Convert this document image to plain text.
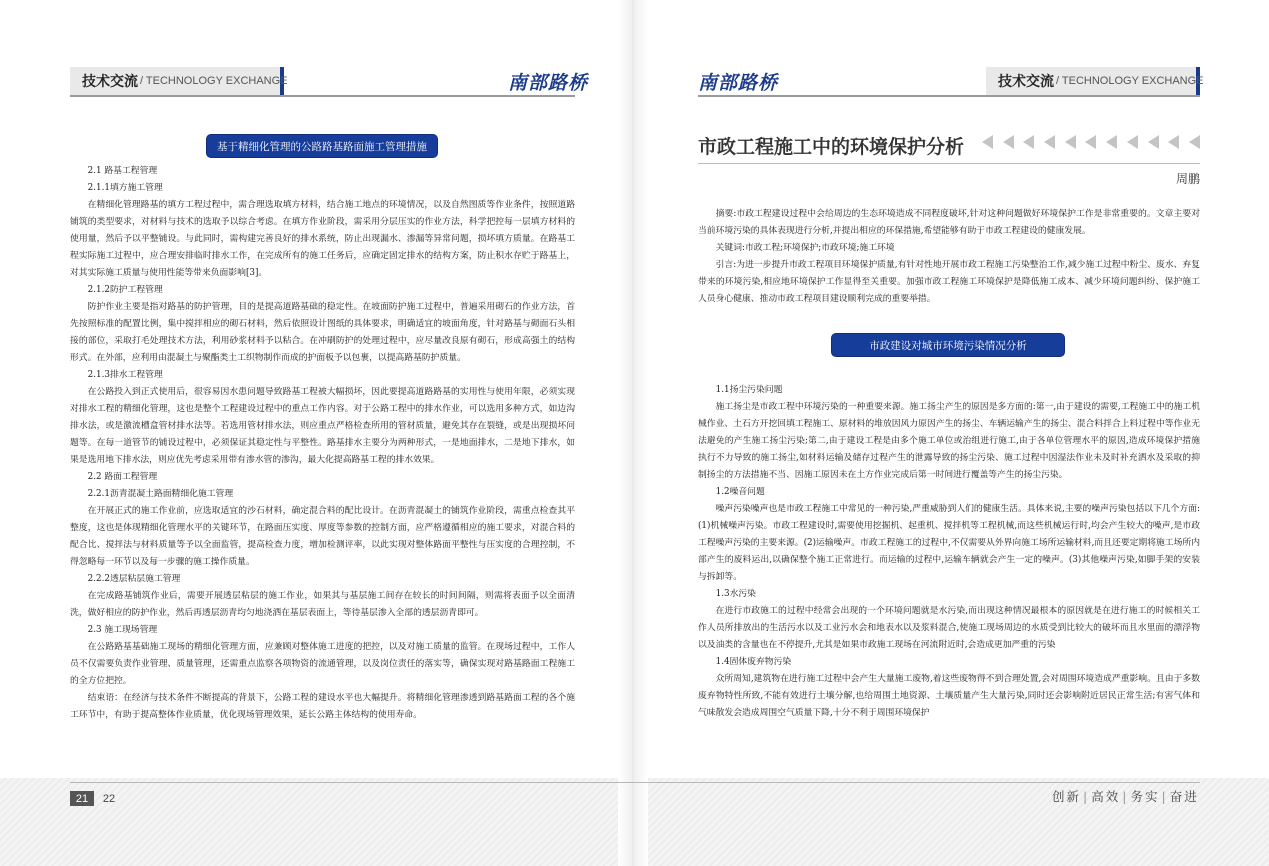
技术交流 / TECHNOLOGY EXCHANGE	南部路桥
基于精细化管理的公路路基路面施工管理措施

2.1 路基工程管理

2.1.1填方施工管理

在精细化管理路基的填方工程过程中，需合理选取填方材料，结合施工地点的环境情况，以及自然图质等作业条件，按照道路铺筑的类型要求，对材料与技术的选取予以综合考虑。在填方作业阶段，需采用分层压实的作业方法，科学把控每一层填方材料的使用量，然后予以平整铺设。与此同时，需构建完善良好的排水系统，防止出现漏水、渗漏等异常问题，损坏填方质量。在路基工程实际施工过程中，应合理安排临时排水工作，在完成所有的施工任务后，应确定固定排水的结构方案，防止积水存贮于路基上，对其实际施工质量与使用性能等带来负面影响[3]。

2.1.2防护工程管理

防护作业主要是指对路基的防护管理，目的是提高道路基础的稳定性。在坡面防护施工过程中，普遍采用砌石的作业方法，首先按照标准的配置比例，集中搅拌相应的砌石材料，然后依照设计图纸的具体要求，明确适宜的坡面角度，针对路基与砌面石头相接的部位，采取打毛处理技术方法，利用砂浆材料予以粘合。在冲刷防护的处理过程中，应尽量改良原有砌石，形成高强土的结构形式。在外部，应利用由混凝土与聚酯类土工织物制作而成的护面板予以包裹，以提高路基防护质量。

2.1.3排水工程管理

在公路投入到正式使用后，很容易因水患问题导致路基工程被大幅损坏，因此要提高道路路基的实用性与使用年限，必须实现对排水工程的精细化管理，这也是整个工程建设过程中的重点工作内容。对于公路工程中的排水作业，可以选用多种方式，如边沟排水法，或是激流槽盒管材排水法等。若选用管材排水法，则应重点严格检查所用的管材质量，避免其存在裂缝，或是出现损坏问题等。在每一道管节的铺设过程中，必须保证其稳定性与平整性。路基排水主要分为两种形式，一是地面排水，二是地下排水，如果是选用地下排水法，则应优先考虑采用带有渗水管的渗沟，最大化提高路基工程的排水效果。

2.2 路面工程管理

2.2.1沥青混凝土路面精细化施工管理

在开展正式的施工作业前，应选取适宜的沙石材料，确定混合料的配比设计。在沥青混凝土的铺筑作业阶段，需重点检查其平整度，这也是体现精细化管理水平的关键环节，在路面压实度、厚度等参数的控制方面，应严格遵循相应的施工要求，对混合料的配合比、搅拌法与材料质量等予以全面监管，提高检查力度，增加检测评率，以此实现对整体路面平整性与压实度的合理控制，不得忽略每一环节以及每一步骤的施工操作质量。

2.2.2透层粘层施工管理

在完成路基铺筑作业后，需要开展透层粘层的施工作业，如果其与基层施工间存在较长的时间间隔，则需将表面予以全面清洗，做好相应的防护作业，然后再透层沥青均匀地浇洒在基层表面上，等待基层渗入全部的透层沥青即可。

2.3 施工现场管理

在公路路基基础施工现场的精细化管理方面，应兼顾对整体施工进度的把控，以及对施工质量的监管。在现场过程中，工作人员不仅需要负责作业管理、质量管理，还需重点监察各项物资的流通管理，以及岗位责任的落实等，确保实现对路基路面工程施工的全方位把控。

结束语：在经济与技术条件不断提高的背景下，公路工程的建设水平也大幅提升。将精细化管理渗透到路基路面工程的各个施工环节中，有助于提高整体作业质量，优化现场管理效果，延长公路主体结构的使用寿命。

南部路桥	技术交流 / TECHNOLOGY EXCHANGE
市政工程施工中的环境保护分析
周鹏

摘要:市政工程建设过程中会给周边的生态环境造成不同程度破坏,针对这种问题做好环境保护工作是非常重要的。文章主要对当前环境污染的具体表现进行分析,并提出相应的环保措施,希望能够有助于市政工程建设的健康发展。

关键词:市政工程;环境保护;市政环境;施工环境

引言:为进一步提升市政工程项目环境保护质量,有针对性地开展市政工程施工污染整治工作,减少施工过程中粉尘、废水、弃复带来的环境污染,相应地环境保护工作显得至关重要。加强市政工程施工环境保护是降低施工成本、减少环境问题纠纷、保护施工人员身心健康、推动市政工程项目建设顺利完成的重要举措。

市政建设对城市环境污染情况分析

1.1扬尘污染问题

施工扬尘是市政工程中环境污染的一种重要来源。施工扬尘产生的原因是多方面的:第一,由于建设的需要,工程施工中的施工机械作业、土石方开挖回填工程施工、原材料的堆放因风力原因产生的扬尘、车辆运输产生的扬尘、混合料拌合上料过程中等作业无法避免的产生施工扬尘污染;第二,由于建设工程是由多个施工单位或治组进行施工,由于各单位管理水平的原因,造成环境保护措施执行不力导致的施工扬尘,如材料运输及储存过程产生的泄露导致的扬尘污染、施工过程中因湿法作业未及时补充洒水及采取的抑制扬尘的方法措施不当、因施工原因未在土方作业完成后第一时间进行覆盖等产生的扬尘污染。

1.2噪音问题

噪声污染噪声也是市政工程施工中常见的一种污染,严重威胁到人们的健康生活。具体来说,主要的噪声污染包括以下几个方面:(1)机械噪声污染。市政工程建设时,需要使用挖掘机、起重机、搅拌机等工程机械,而这些机械运行时,均会产生较大的噪声,是市政工程噪声污染的主要来源。(2)运输噪声。市政工程施工的过程中,不仅需要从外界向施工场所运输材料,而且还要定期将施工场所内部产生的废料运出,以确保整个施工正常进行。而运输的过程中,运输车辆就会产生一定的噪声。(3)其他噪声污染,如脚手架的安装与拆卸等。

1.3水污染

在进行市政施工的过程中经常会出现的一个环境问题就是水污染,而出现这种情况最根本的原因就是在进行施工的时候相关工作人员所排放出的生活污水以及工业污水会和地表水以及浆料混合,使施工现场周边的水质受到比较大的破坏而且水里面的漂浮物以及油类的含量也在不停提升,尤其是如果市政施工现场在河流附近时,会造成更加严重的污染

1.4固体废弃物污染

众所周知,建筑物在进行施工过程中会产生大量施工废物,着这些废物得不到合理处置,会对周围环境造成严重影响。且由于多数废弃物特性所致,不能有效进行土壤分解,也给周围土地资源、土壤质量产生大量污染,同时还会影响附近居民正常生活;有害气体和气味散发会造成周围空气质量下降,十分不利于周围环境保护

21	22	创新 | 高效 | 务实 | 奋进
